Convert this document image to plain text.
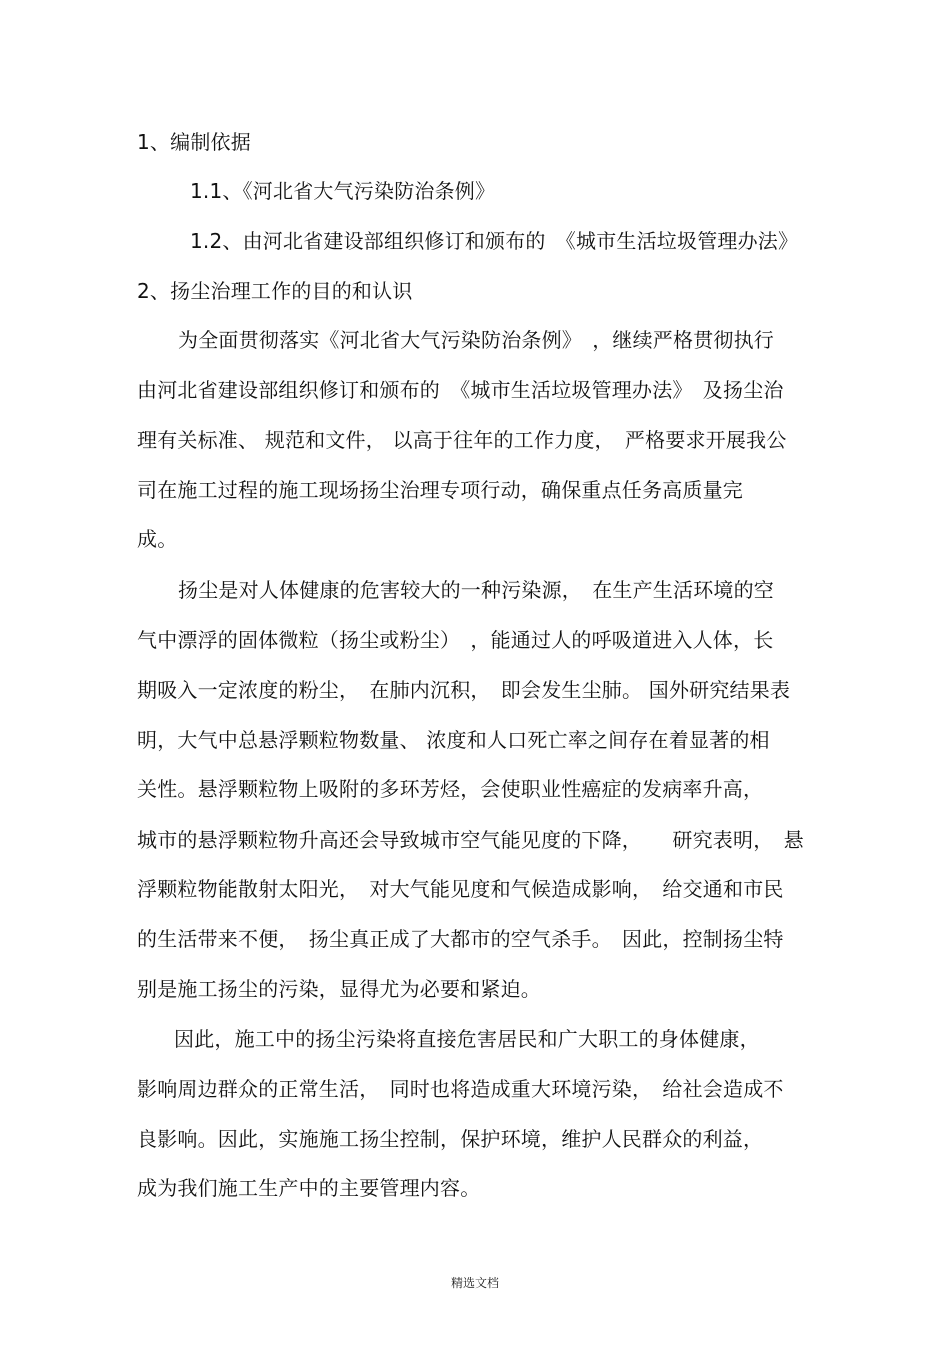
1、编制依据
1.1、《河北省大气污染防治条例》
1.2、由河北省建设部组织修订和颁布的　《城市生活垃圾管理办法》
2、扬尘治理工作的目的和认识
为全面贯彻落实《河北省大气污染防治条例》　，继续严格贯彻执行
由河北省建设部组织修订和颁布的　《城市生活垃圾管理办法》　及扬尘治
理有关标准、 规范和文件， 以高于往年的工作力度，　严格要求开展我公
司在施工过程的施工现场扬尘治理专项行动，确保重点任务高质量完
成。
扬尘是对人体健康的危害较大的一种污染源，　在生产生活环境的空
气中漂浮的固体微粒（扬尘或粉尘）　，能通过人的呼吸道进入人体，长
期吸入一定浓度的粉尘，　在肺内沉积，　即会发生尘肺。 国外研究结果表
明，大气中总悬浮颗粒物数量、 浓度和人口死亡率之间存在着显著的相
关性。悬浮颗粒物上吸附的多环芳烃，会使职业性癌症的发病率升高，
城市的悬浮颗粒物升高还会导致城市空气能见度的下降，　　研究表明，　悬
浮颗粒物能散射太阳光，　对大气能见度和气候造成影响，　给交通和市民
的生活带来不便，　扬尘真正成了大都市的空气杀手。　因此，控制扬尘特
别是施工扬尘的污染，显得尤为必要和紧迫。
因此，施工中的扬尘污染将直接危害居民和广大职工的身体健康，
影响周边群众的正常生活，　同时也将造成重大环境污染，　给社会造成不
良影响。因此，实施施工扬尘控制，保护环境，维护人民群众的利益，
成为我们施工生产中的主要管理内容。
精选文档
